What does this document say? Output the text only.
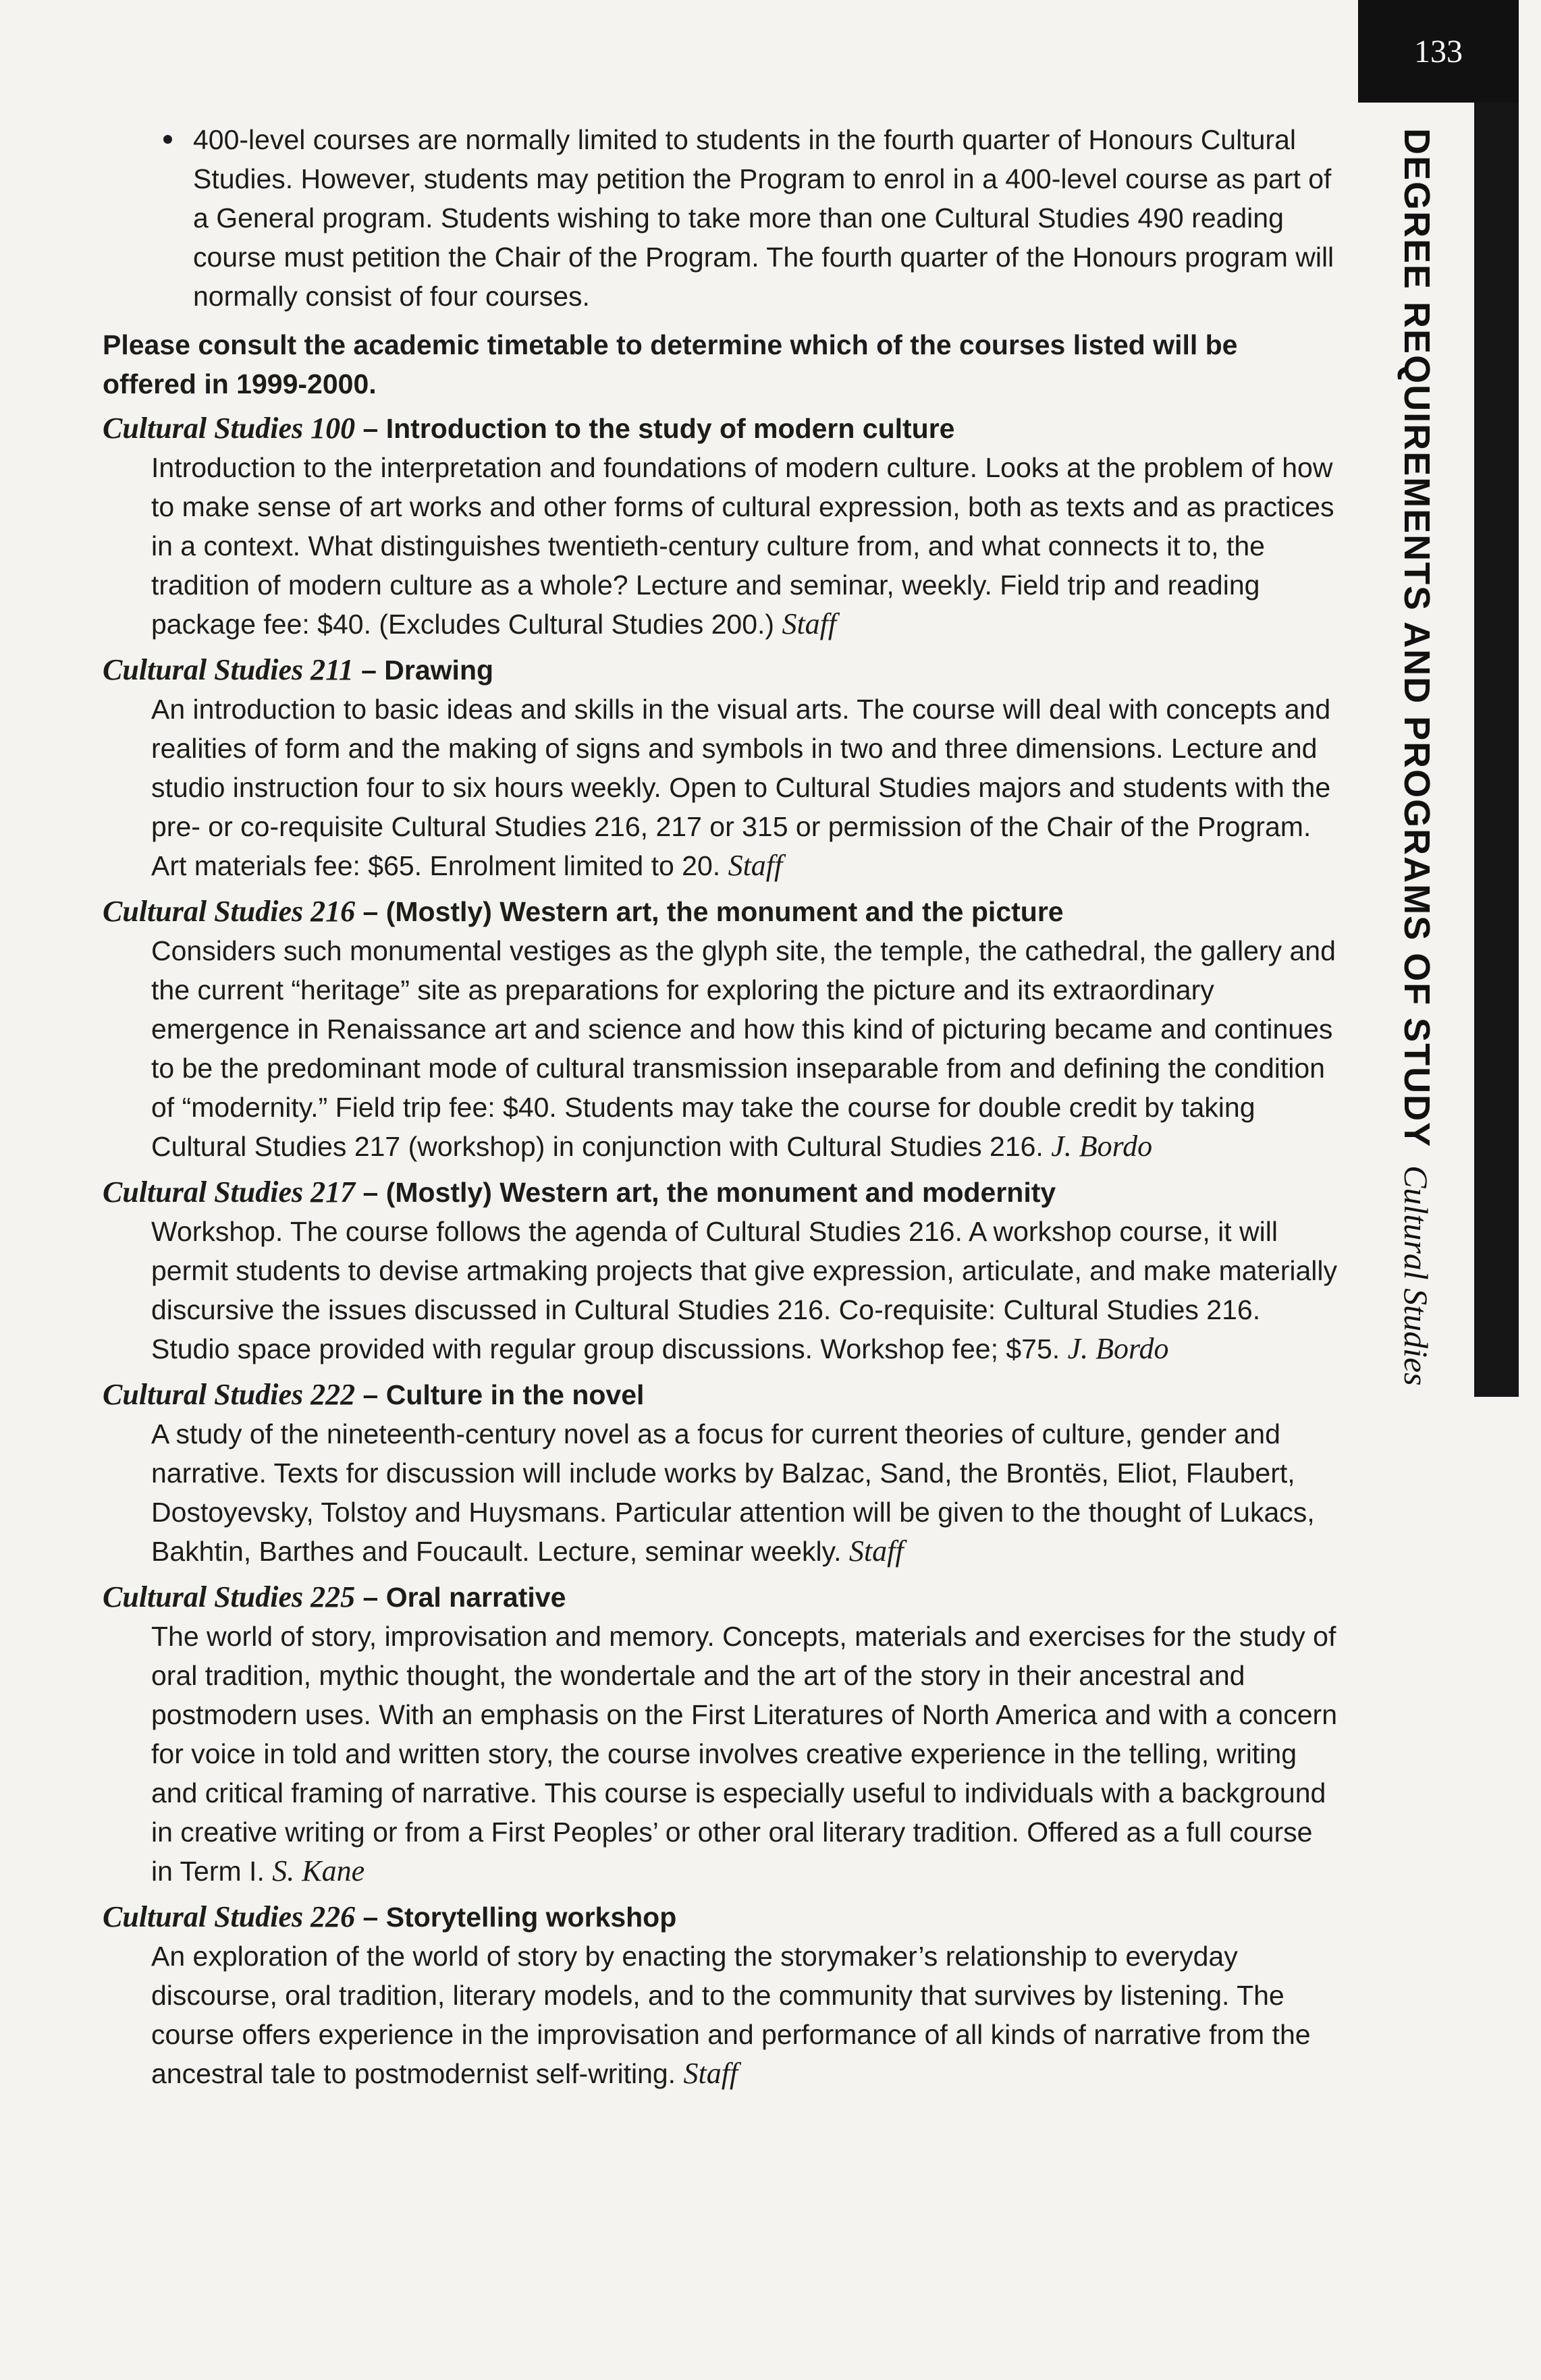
133
DEGREE REQUIREMENTS AND PROGRAMS OF STUDYCultural Studies
400-level courses are normally limited to students in the fourth quarter of Honours Cultural Studies. However, students may petition the Program to enrol in a 400-level course as part of a General program. Students wishing to take more than one Cultural Studies 490 reading course must petition the Chair of the Program. The fourth quarter of the Honours program will normally consist of four courses.
Please consult the academic timetable to determine which of the courses listed will be offered in 1999-2000.
Cultural Studies 100 – Introduction to the study of modern culture
Introduction to the interpretation and foundations of modern culture. Looks at the problem of how to make sense of art works and other forms of cultural expression, both as texts and as practices in a context. What distinguishes twentieth-century culture from, and what connects it to, the tradition of modern culture as a whole? Lecture and seminar, weekly. Field trip and reading package fee: $40. (Excludes Cultural Studies 200.) Staff
Cultural Studies 211 – Drawing
An introduction to basic ideas and skills in the visual arts. The course will deal with concepts and realities of form and the making of signs and symbols in two and three dimensions. Lecture and studio instruction four to six hours weekly. Open to Cultural Studies majors and students with the pre- or co-requisite Cultural Studies 216, 217 or 315 or permission of the Chair of the Program. Art materials fee: $65. Enrolment limited to 20. Staff
Cultural Studies 216 – (Mostly) Western art, the monument and the picture
Considers such monumental vestiges as the glyph site, the temple, the cathedral, the gallery and the current “heritage” site as preparations for exploring the picture and its extraordinary emergence in Renaissance art and science and how this kind of picturing became and continues to be the predominant mode of cultural transmission inseparable from and defining the condition of “modernity.” Field trip fee: $40. Students may take the course for double credit by taking Cultural Studies 217 (workshop) in conjunction with Cultural Studies 216. J. Bordo
Cultural Studies 217 – (Mostly) Western art, the monument and modernity
Workshop. The course follows the agenda of Cultural Studies 216. A workshop course, it will permit students to devise artmaking projects that give expression, articulate, and make materially discursive the issues discussed in Cultural Studies 216. Co-requisite: Cultural Studies 216. Studio space provided with regular group discussions. Workshop fee; $75. J. Bordo
Cultural Studies 222 – Culture in the novel
A study of the nineteenth-century novel as a focus for current theories of culture, gender and narrative. Texts for discussion will include works by Balzac, Sand, the Brontës, Eliot, Flaubert, Dostoyevsky, Tolstoy and Huysmans. Particular attention will be given to the thought of Lukacs, Bakhtin, Barthes and Foucault. Lecture, seminar weekly. Staff
Cultural Studies 225 – Oral narrative
The world of story, improvisation and memory. Concepts, materials and exercises for the study of oral tradition, mythic thought, the wondertale and the art of the story in their ancestral and postmodern uses. With an emphasis on the First Literatures of North America and with a concern for voice in told and written story, the course involves creative experience in the telling, writing and critical framing of narrative. This course is especially useful to individuals with a background in creative writing or from a First Peoples’ or other oral literary tradition. Offered as a full course in Term I. S. Kane
Cultural Studies 226 – Storytelling workshop
An exploration of the world of story by enacting the storymaker’s relationship to everyday discourse, oral tradition, literary models, and to the community that survives by listening. The course offers experience in the improvisation and performance of all kinds of narrative from the ancestral tale to postmodernist self-writing. Staff
